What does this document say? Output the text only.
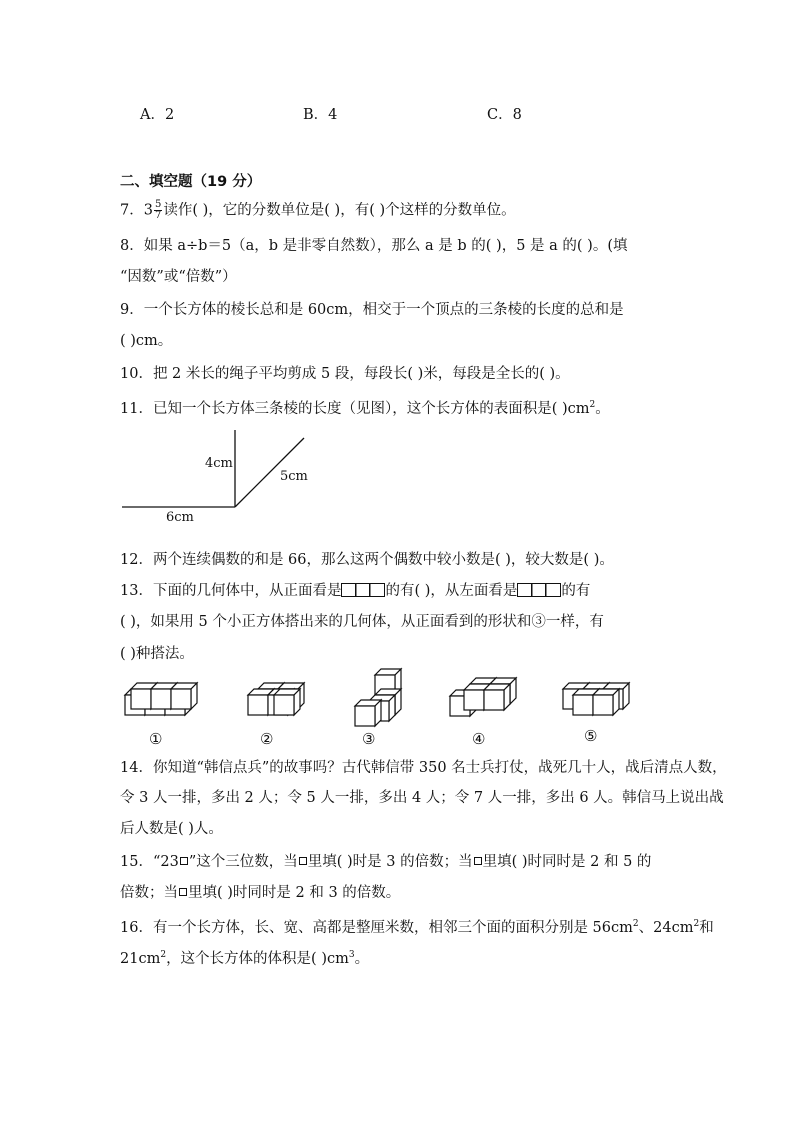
A．2	B．4	C．8
二、填空题（19 分）
7．$3 \frac{5}{7}$ 读作( )，它的分数单位是( )，有( )个这样的分数单位。
8．如果 a÷b＝5（a，b 是非零自然数），那么 a 是 b 的( )，5 是 a 的( )。(填
“因数”或“倍数”）
9．一个长方体的棱长总和是 60cm，相交于一个顶点的三条棱的长度的总和是
( )cm。
10．把 2 米长的绳子平均剪成 5 段，每段长( )米，每段是全长的( )。
11．已知一个长方体三条棱的长度（见图），这个长方体的表面积是( )$cm^2$。
4cm
5cm
6cm
12．两个连续偶数的和是 66，那么这两个偶数中较小数是( )，较大数是( )。
13．下面的几何体中，从正面看是	的有( )，从左面看是	的有
( )，如果用 5 个小正方体搭出来的几何体，从正面看到的形状和③一样，有
( )种搭法。
①	②	③	④	⑤
14．你知道“韩信点兵”的故事吗？古代韩信带 350 名士兵打仗，战死几十人，战后清点人数，
令 3 人一排，多出 2 人；令 5 人一排，多出 4 人；令 7 人一排，多出 6 人。韩信马上说出战
后人数是( )人。
15．“23 ”这个三位数，当 里填( )时是 3 的倍数；当 里填( )时同时是 2 和 5 的
倍数；当 里填( )时同时是 2 和 3 的倍数。
16．有一个长方体，长、宽、高都是整厘米数，相邻三个面的面积分别是 $56cm^2$、$24cm^2$和
$21cm^2$，这个长方体的体积是( )$cm^3$。
